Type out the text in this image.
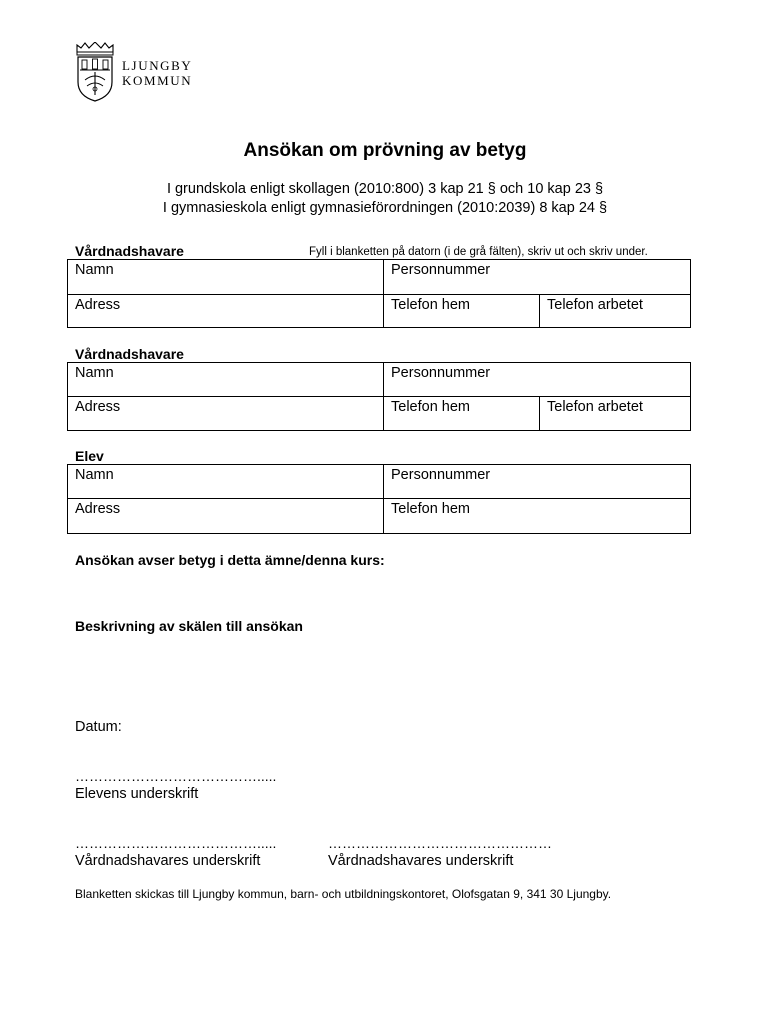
LJUNGBY
KOMMUN
Ansökan om prövning av betyg
I grundskola enligt skollagen (2010:800) 3 kap 21 § och 10 kap 23 §
I gymnasieskola enligt gymnasieförordningen (2010:2039) 8 kap 24 §
Vårdnadshavare	Fyll i blanketten på datorn (i de grå fälten), skriv ut och skriv under.
Namn	Personnummer	
Adress	Telefon hem	Telefon arbetet
Vårdnadshavare
Namn	Personnummer	
Adress	Telefon hem	Telefon arbetet
Elev
Namn	Personnummer
Adress	Telefon hem
Ansökan avser betyg i detta ämne/denna kurs:
Beskrivning av skälen till ansökan
Datum:
………………………………….....
Elevens underskrift
………………………………….....
Vårdnadshavares underskrift
…………………………………………
Vårdnadshavares underskrift
Blanketten skickas till Ljungby kommun, barn- och utbildningskontoret, Olofsgatan 9, 341 30 Ljungby.
